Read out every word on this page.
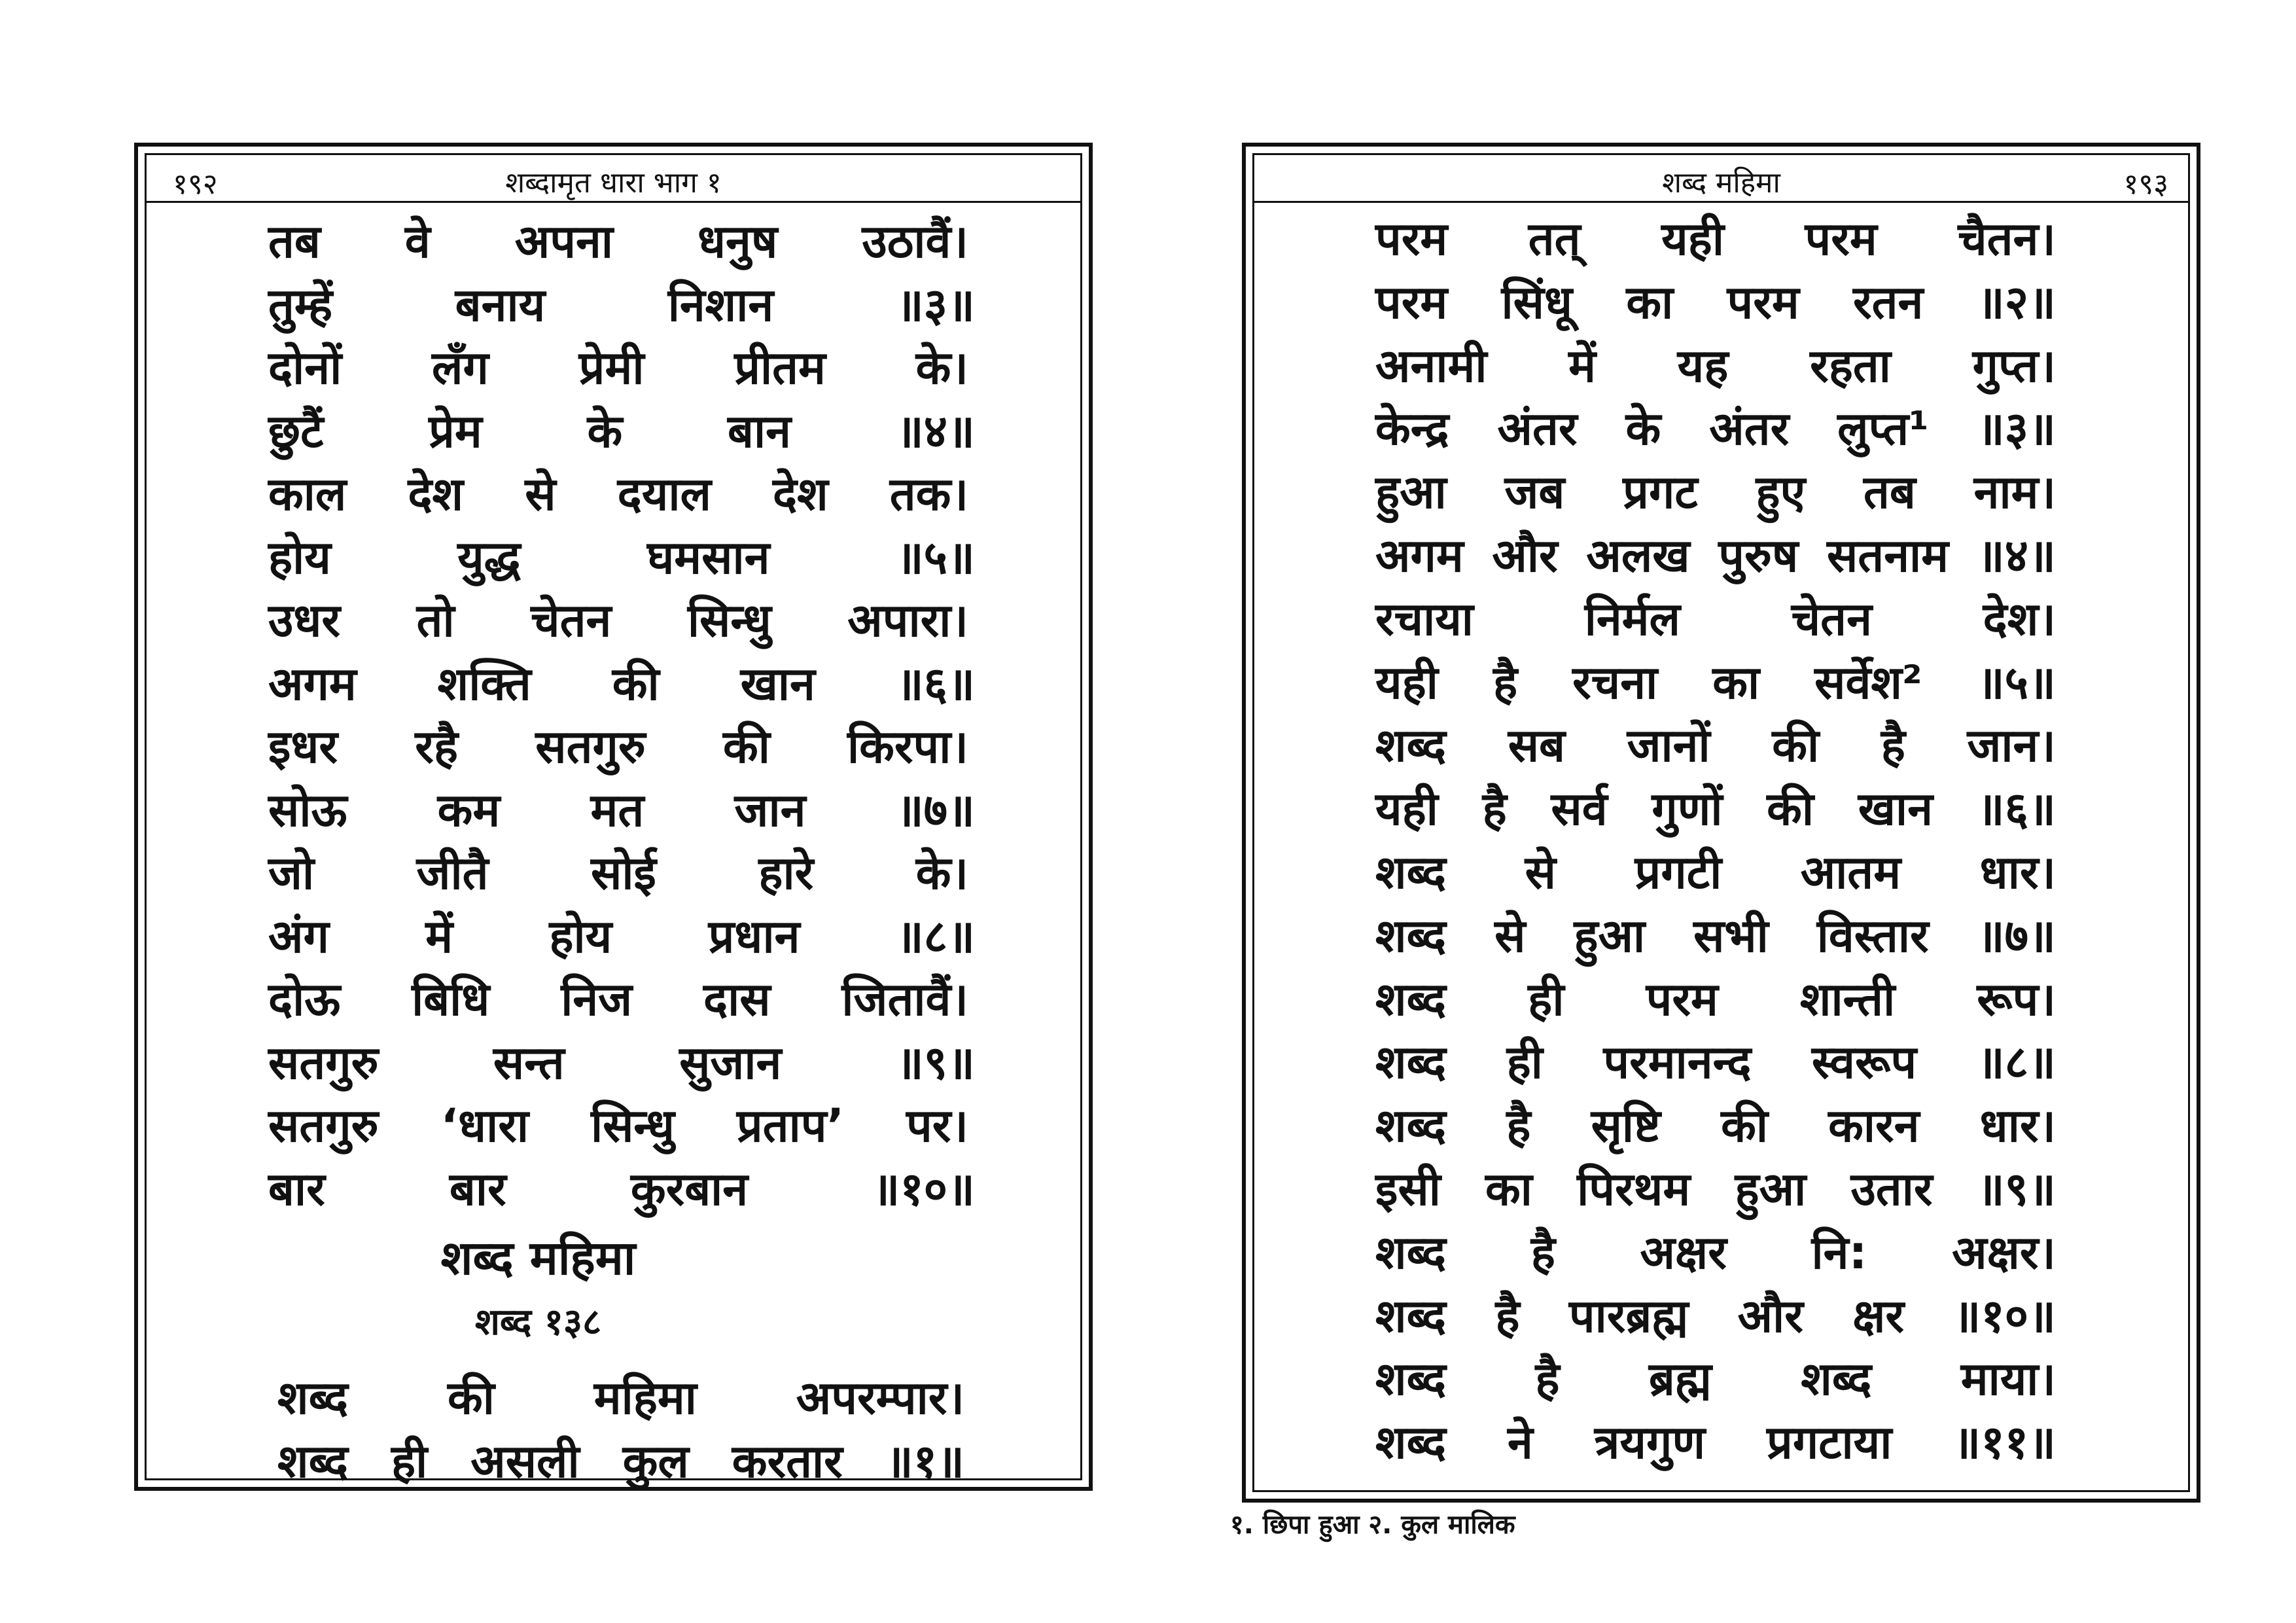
१९२	शब्दामृत धारा भाग १
तब वे अपना धनुष उठावैं।
तुम्हें	बनाय	निशान	॥३॥
दोनों लँग प्रेमी प्रीतम के।
छुटैं प्रेम के बान ॥४॥
काल देश से दयाल देश तक।
होय	युद्ध	घमसान	॥५॥
उधर तो चेतन सिन्धु अपारा।
अगम शक्ति की खान ॥६॥
इधर रहै सतगुरु की किरपा।
सोऊ कम मत जान ॥७॥
जो जीतै सोई हारे के।
अंग में होय प्रधान ॥८॥
दोऊ बिधि निज दास जितावैं।
सतगुरु	सन्त	सुजान	॥९॥
सतगुरु ‘धारा सिन्धु प्रताप’ पर।
बार	बार	कुरबान	॥१०॥
शब्द महिमा
शब्द १३८
शब्द की महिमा अपरम्पार।
शब्द ही असली कुल करतार ॥१॥
शब्द महिमा	१९३
परम तत् यही परम चैतन।
परम सिंधू का परम रतन ॥२॥
अनामी में यह रहता गुप्त।
केन्द्र अंतर के अंतर लुप्त¹ ॥३॥
हुआ जब प्रगट हुए तब नाम।
अगम और अलख पुरुष सतनाम ॥४॥
रचाया निर्मल चेतन देश।
यही है रचना का सर्वेश² ॥५॥
शब्द सब जानों की है जान।
यही है सर्व गुणों की खान ॥६॥
शब्द से प्रगटी आतम धार।
शब्द से हुआ सभी विस्तार ॥७॥
शब्द ही परम शान्ती रूप।
शब्द ही परमानन्द स्वरूप ॥८॥
शब्द है सृष्टि की कारन धार।
इसी का पिरथम हुआ उतार ॥९॥
शब्द है अक्षर नि: अक्षर।
शब्द है पारब्रह्म और क्षर ॥१०॥
शब्द है ब्रह्म शब्द माया।
शब्द ने त्रयगुण प्रगटाया ॥११॥
१. छिपा हुआ २. कुल मालिक
